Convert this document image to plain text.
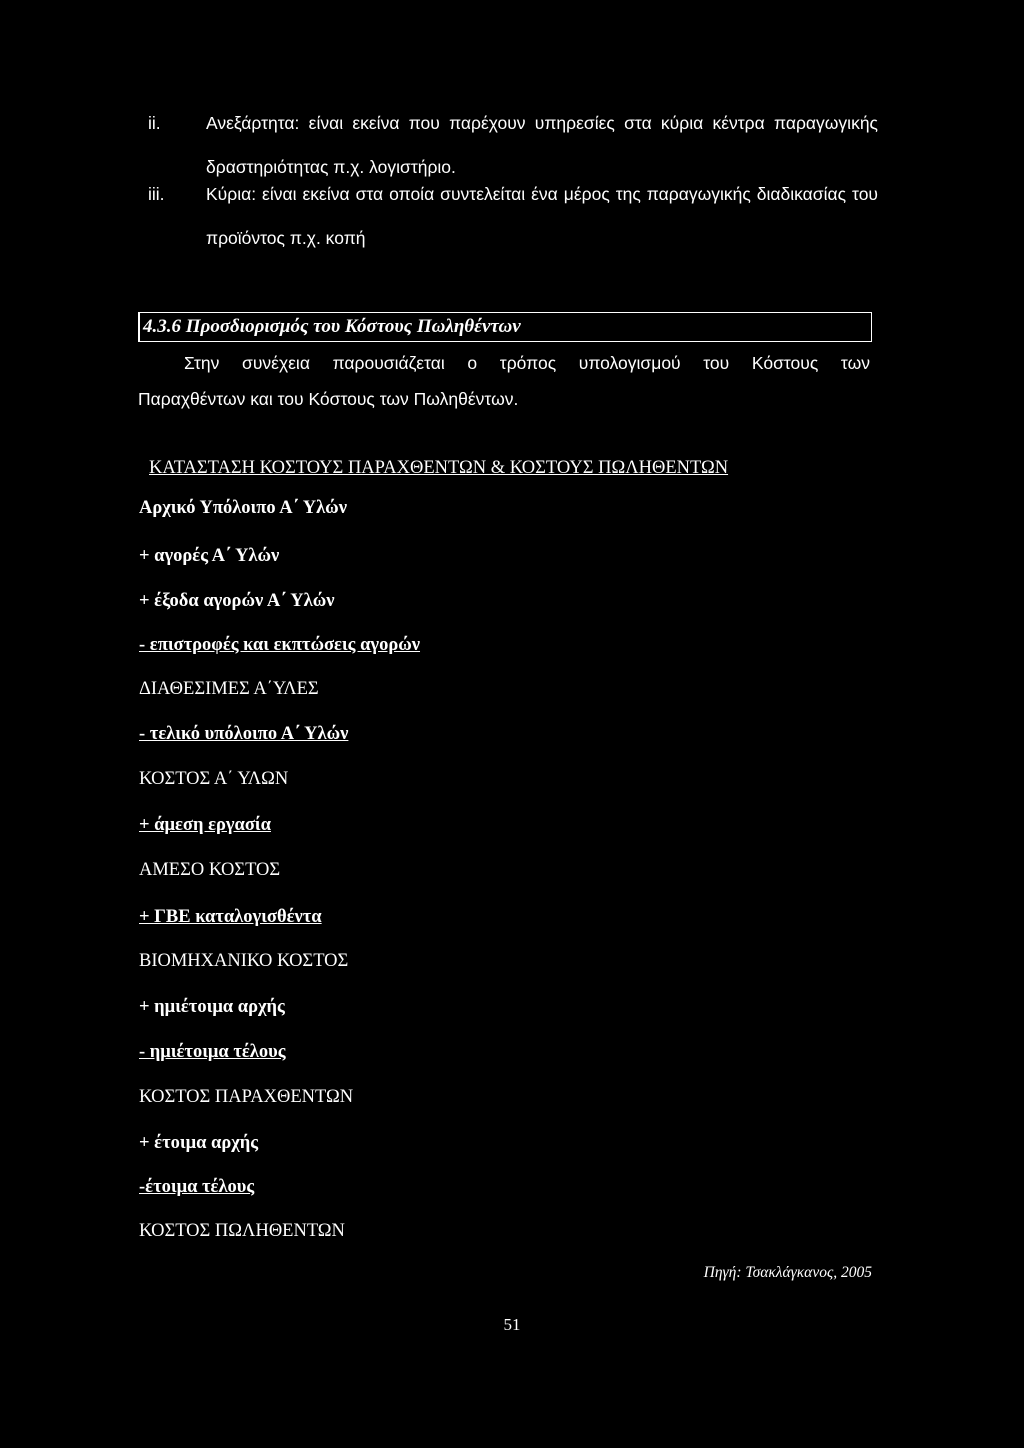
ii.	Ανεξάρτητα: είναι εκείνα που παρέχουν υπηρεσίες στα κύρια κέντρα παραγωγικής δραστηριότητας π.χ. λογιστήριο.
iii.	Κύρια: είναι εκείνα στα οποία συντελείται ένα μέρος της παραγωγικής διαδικασίας του προϊόντος π.χ. κοπή
4.3.6 Προσδιορισμός του Κόστους Πωληθέντων
Στην συνέχεια παρουσιάζεται ο τρόπος υπολογισμού του Κόστους των
Παραχθέντων και του Κόστους των Πωληθέντων.
ΚΑΤΑΣΤΑΣΗ ΚΟΣΤΟΥΣ ΠΑΡΑΧΘΕΝΤΩΝ & ΚΟΣΤΟΥΣ ΠΩΛΗΘΕΝΤΩΝ
Αρχικό Υπόλοιπο Α΄ Υλών
+ αγορές Α΄ Υλών
+ έξοδα αγορών Α΄ Υλών
- επιστροφές και εκπτώσεις αγορών
ΔΙΑΘΕΣΙΜΕΣ Α΄ΥΛΕΣ
- τελικό υπόλοιπο Α΄ Υλών
ΚΟΣΤΟΣ Α΄ ΥΛΩΝ
+ άμεση εργασία
ΑΜΕΣΟ ΚΟΣΤΟΣ
+ ΓΒΕ καταλογισθέντα
ΒΙΟΜΗΧΑΝΙΚΟ ΚΟΣΤΟΣ
+ ημιέτοιμα αρχής
- ημιέτοιμα τέλους
ΚΟΣΤΟΣ ΠΑΡΑΧΘΕΝΤΩΝ
+ έτοιμα αρχής
-έτοιμα τέλους
ΚΟΣΤΟΣ ΠΩΛΗΘΕΝΤΩΝ
Πηγή: Τσακλάγκανος, 2005
51
